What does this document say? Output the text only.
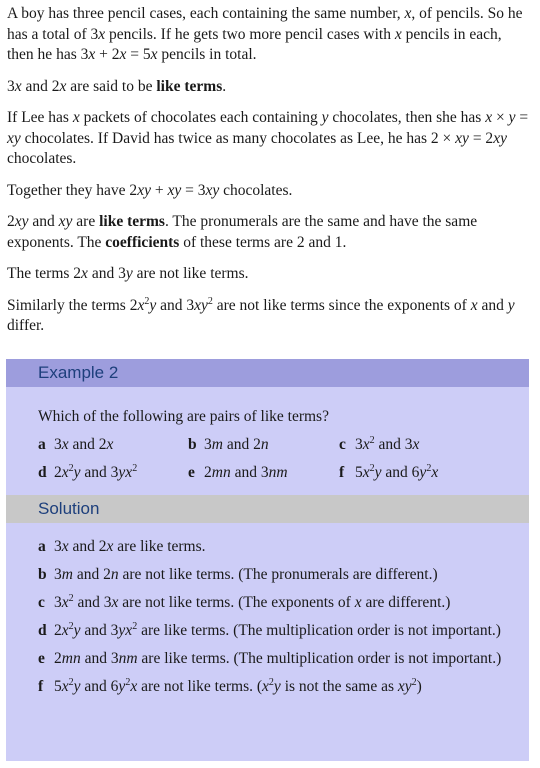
A boy has three pencil cases, each containing the same number, x, of pencils. So he has a total of 3x pencils. If he gets two more pencil cases with x pencils in each, then he has 3x + 2x = 5x pencils in total.

3x and 2x are said to be like terms.

If Lee has x packets of chocolates each containing y chocolates, then she has x × y = xy chocolates. If David has twice as many chocolates as Lee, he has 2 × xy = 2xy chocolates.

Together they have 2xy + xy = 3xy chocolates.

2xy and xy are like terms. The pronumerals are the same and have the same exponents. The coefficients of these terms are 2 and 1.

The terms 2x and 3y are not like terms.

Similarly the terms $2x^2y$ and $3xy^2$ are not like terms since the exponents of x and y differ.

Example 2
Which of the following are pairs of like terms?
a 3x and 2x	b 3m and 2n	c $3x^2$ and 3x
d $2x^2y$ and $3yx^2$	e 2mn and 3nm	f $5x^2y$ and $6y^2x$
Solution
a 3x and 2x are like terms.
b 3m and 2n are not like terms. (The pronumerals are different.)
c $3x^2$ and 3x are not like terms. (The exponents of x are different.)
d $2x^2y$ and $3yx^2$ are like terms. (The multiplication order is not important.)
e 2mn and 3nm are like terms. (The multiplication order is not important.)
f $5x^2y$ and $6y^2x$ are not like terms. ($x^2y$ is not the same as $xy^2$)
